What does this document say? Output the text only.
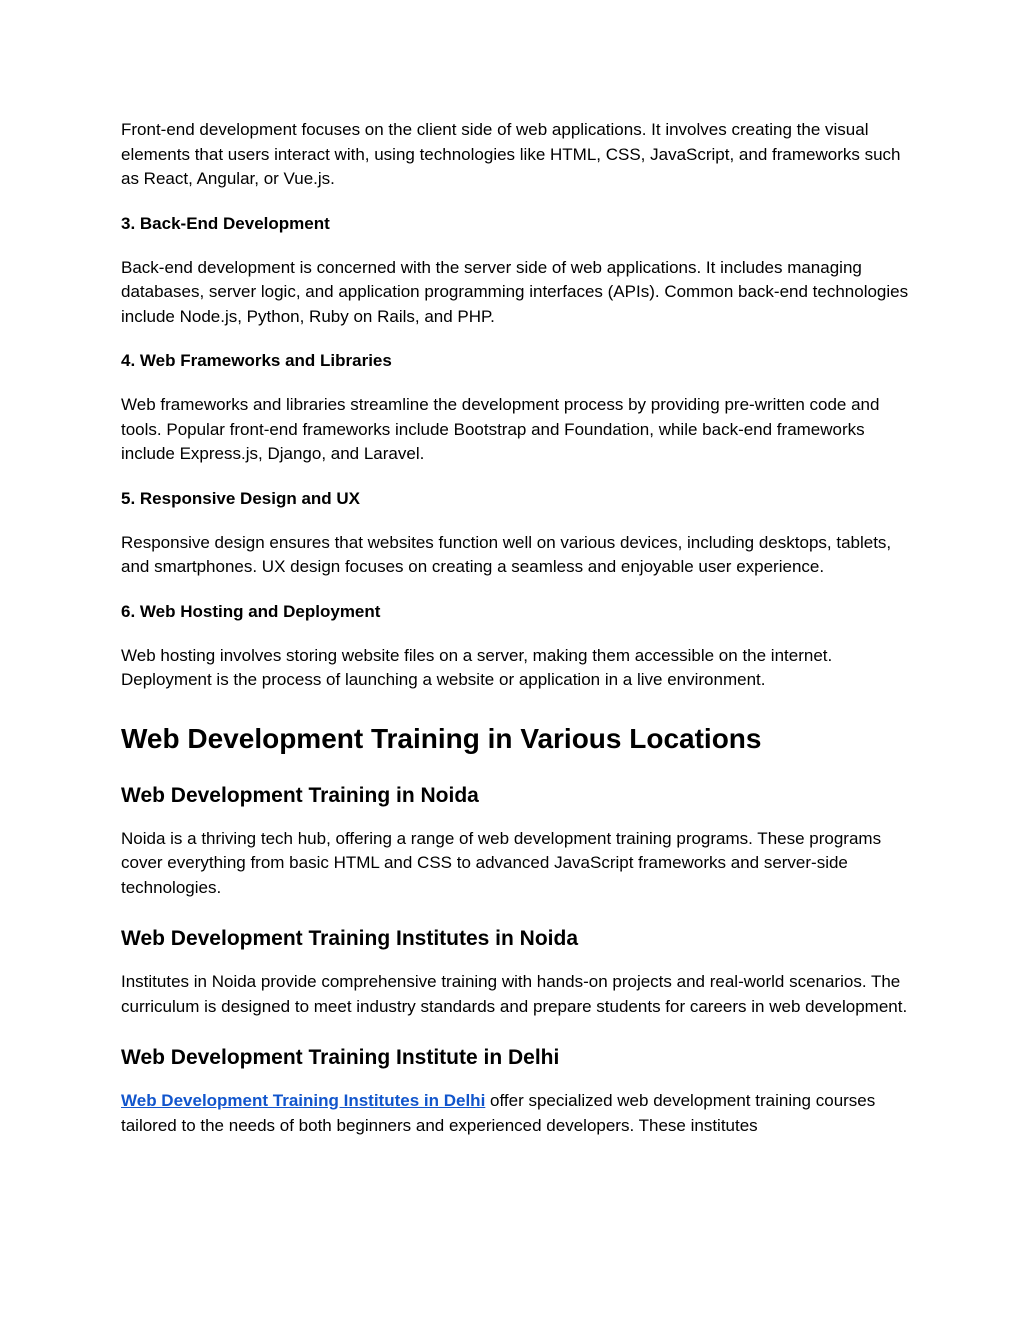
Front-end development focuses on the client side of web applications. It involves creating the visual elements that users interact with, using technologies like HTML, CSS, JavaScript, and frameworks such as React, Angular, or Vue.js.

3. Back-End Development

Back-end development is concerned with the server side of web applications. It includes managing databases, server logic, and application programming interfaces (APIs). Common back-end technologies include Node.js, Python, Ruby on Rails, and PHP.

4. Web Frameworks and Libraries

Web frameworks and libraries streamline the development process by providing pre-written code and tools. Popular front-end frameworks include Bootstrap and Foundation, while back-end frameworks include Express.js, Django, and Laravel.

5. Responsive Design and UX

Responsive design ensures that websites function well on various devices, including desktops, tablets, and smartphones. UX design focuses on creating a seamless and enjoyable user experience.

6. Web Hosting and Deployment

Web hosting involves storing website files on a server, making them accessible on the internet. Deployment is the process of launching a website or application in a live environment.

Web Development Training in Various Locations
Web Development Training in Noida

Noida is a thriving tech hub, offering a range of web development training programs. These programs cover everything from basic HTML and CSS to advanced JavaScript frameworks and server-side technologies.

Web Development Training Institutes in Noida

Institutes in Noida provide comprehensive training with hands-on projects and real-world scenarios. The curriculum is designed to meet industry standards and prepare students for careers in web development.

Web Development Training Institute in Delhi

Web Development Training Institutes in Delhi offer specialized web development training courses tailored to the needs of both beginners and experienced developers. These institutes
